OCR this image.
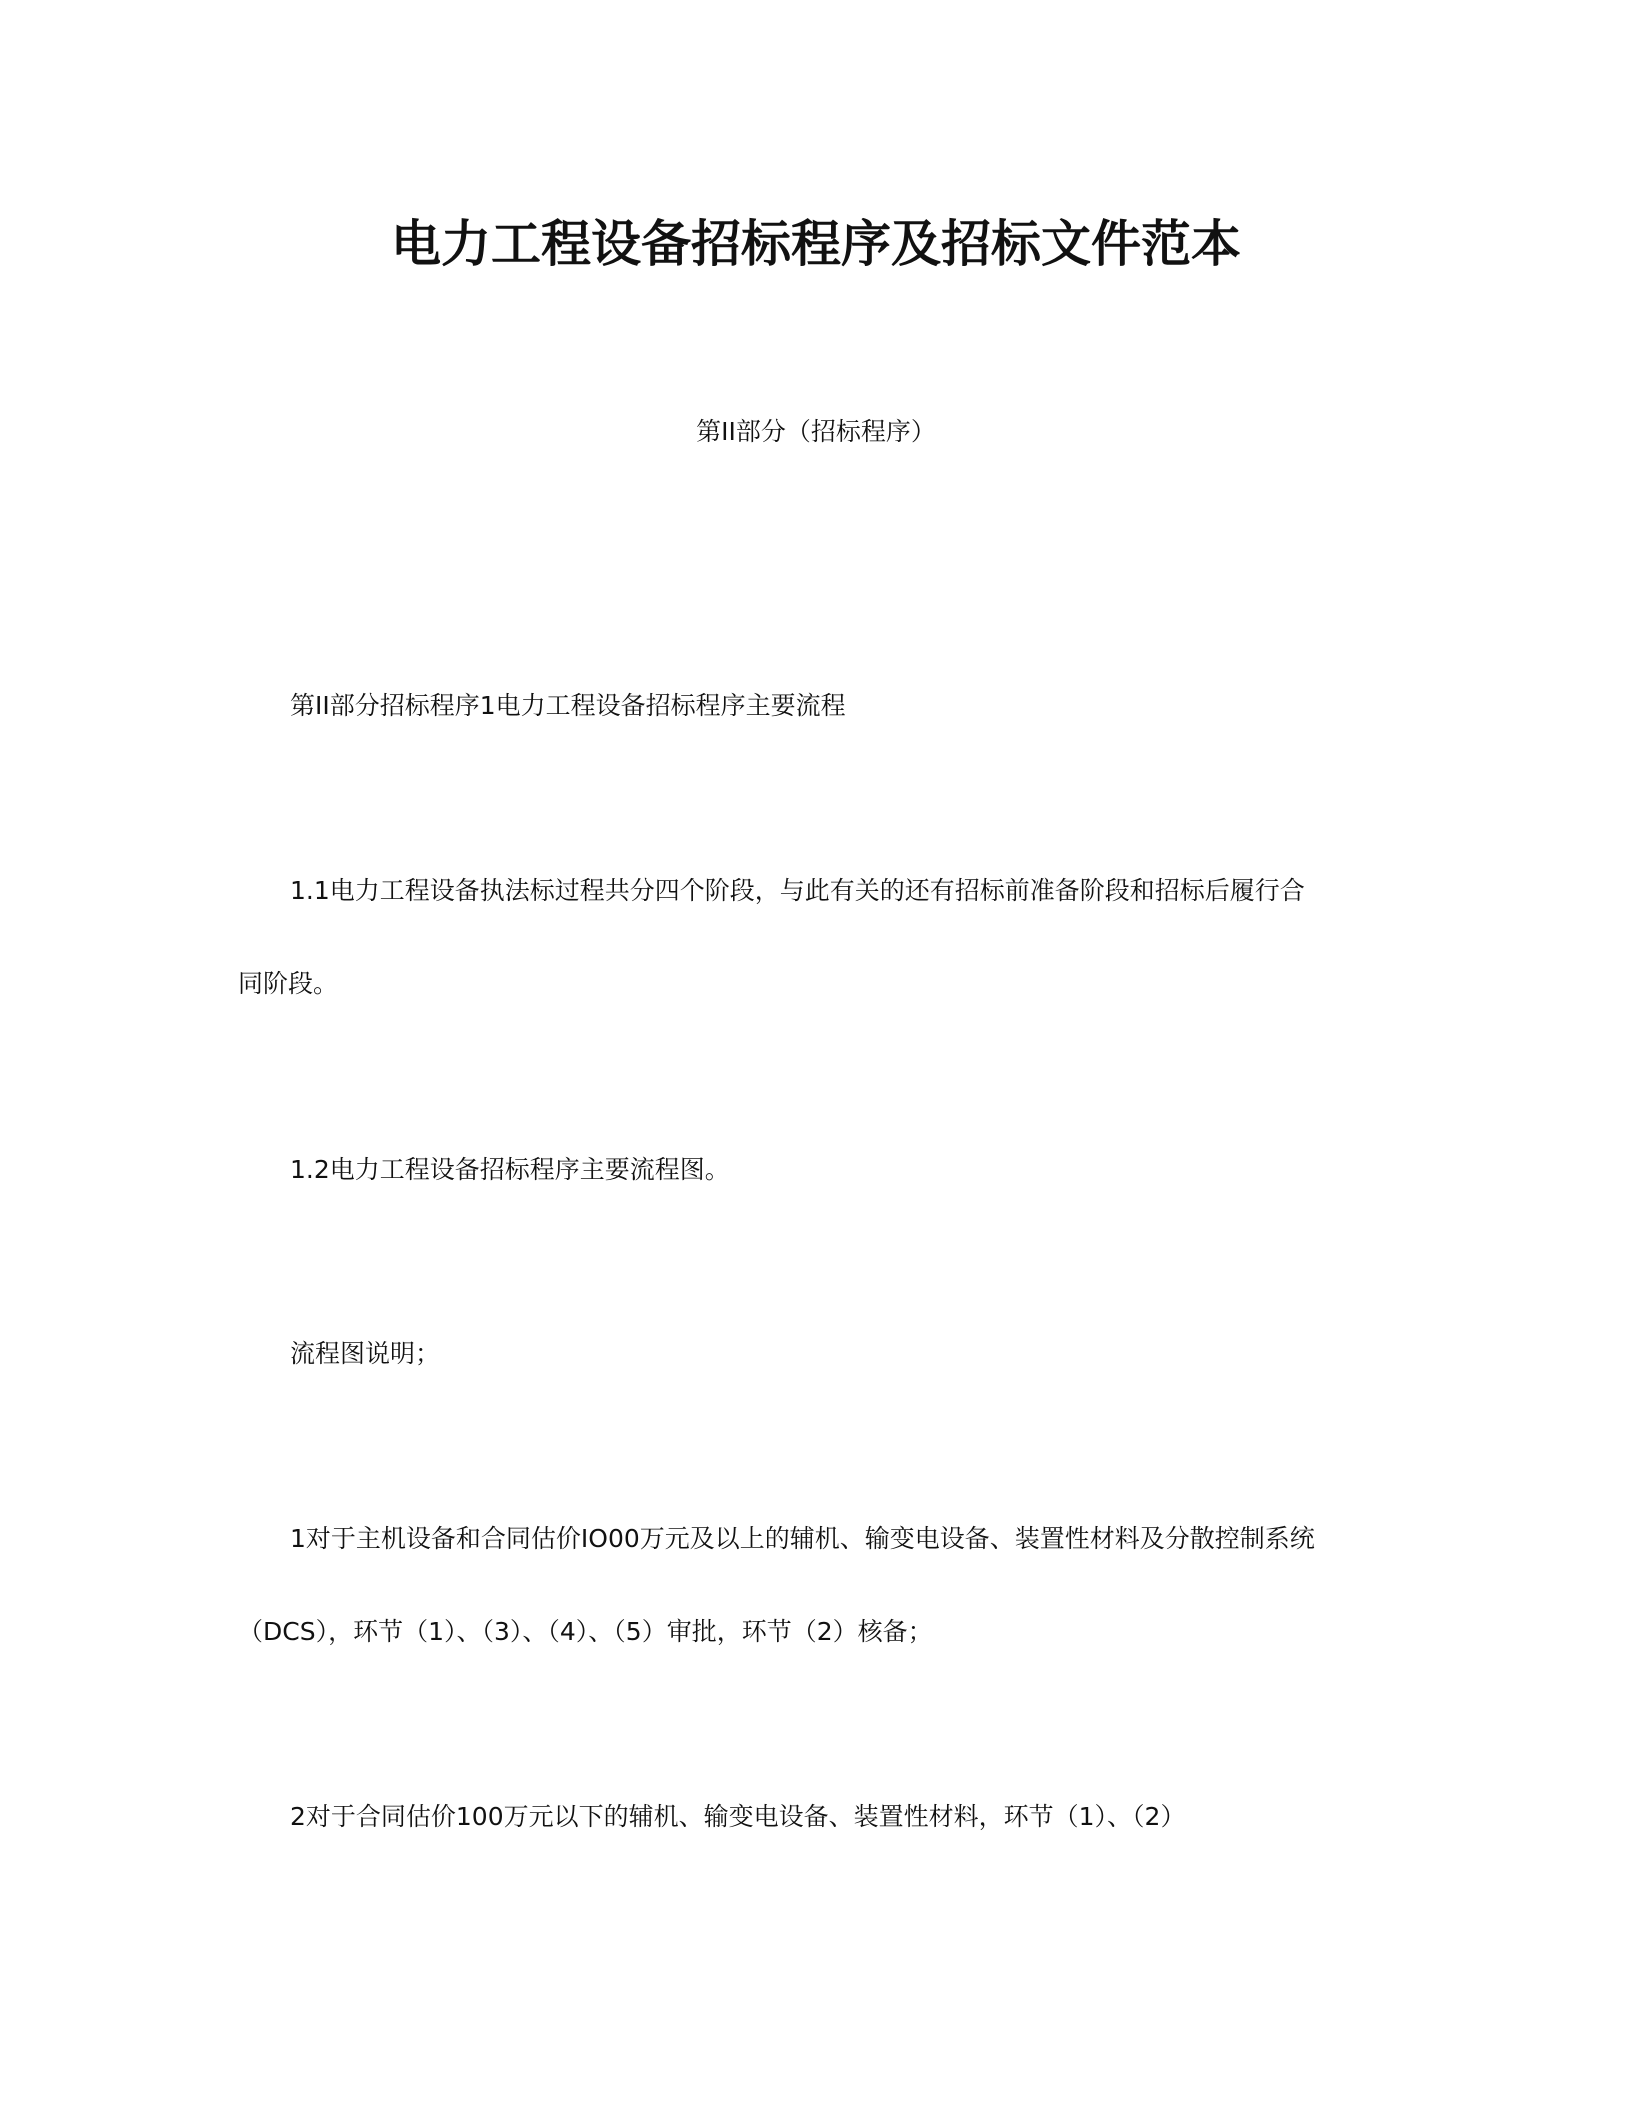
电力工程设备招标程序及招标文件范本
第II部分（招标程序）
第II部分招标程序1电力工程设备招标程序主要流程
1.1电力工程设备执法标过程共分四个阶段，与此有关的还有招标前准备阶段和招标后履行合
同阶段。
1.2电力工程设备招标程序主要流程图。
流程图说明；
1对于主机设备和合同估价IO00万元及以上的辅机、输变电设备、装置性材料及分散控制系统
（DCS），环节（1）、（3）、（4）、（5）审批，环节（2）核备；
2对于合同估价100万元以下的辅机、输变电设备、装置性材料，环节（1）、（2）
